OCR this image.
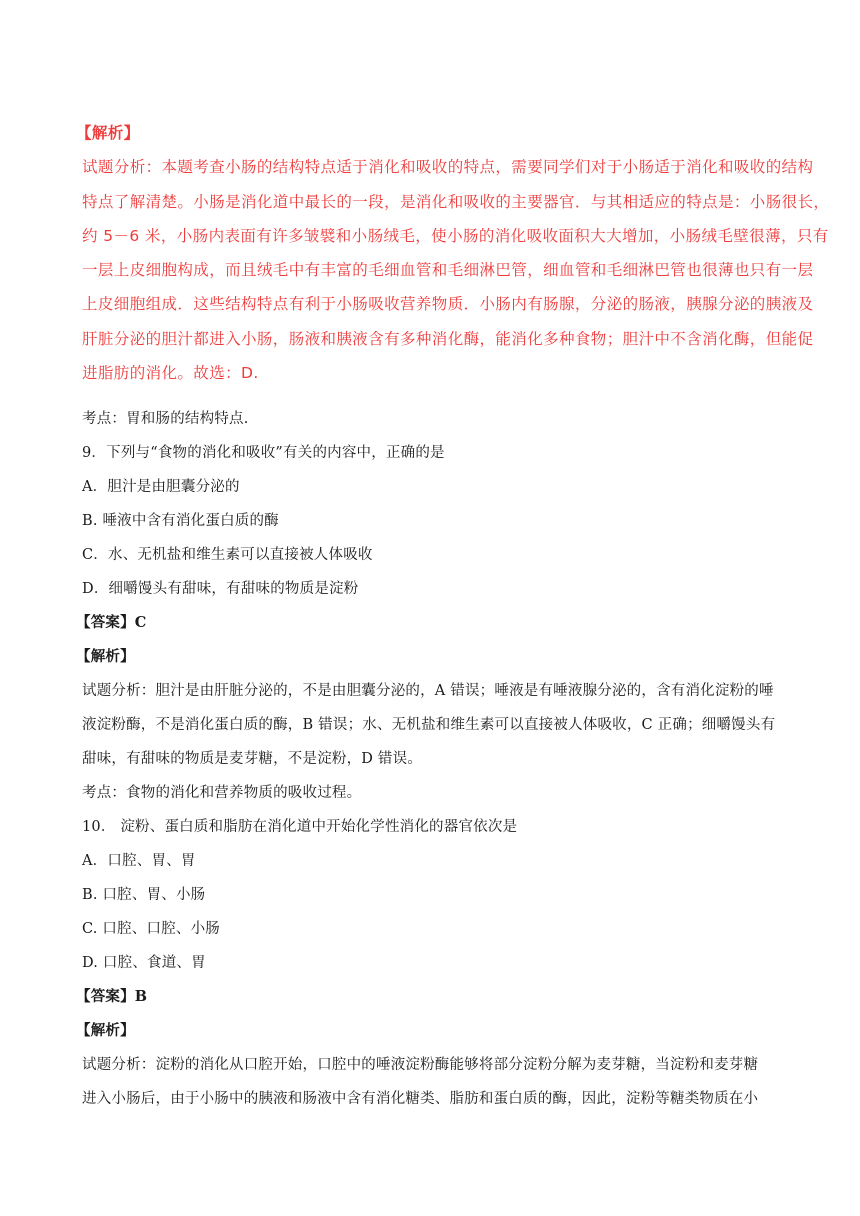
【解析】
试题分析：本题考查小肠的结构特点适于消化和吸收的特点，需要同学们对于小肠适于消化和吸收的结构
特点了解清楚。小肠是消化道中最长的一段，是消化和吸收的主要器官．与其相适应的特点是：小肠很长，
约 5－6 米，小肠内表面有许多皱襞和小肠绒毛，使小肠的消化吸收面积大大增加，小肠绒毛壁很薄，只有
一层上皮细胞构成，而且绒毛中有丰富的毛细血管和毛细淋巴管，细血管和毛细淋巴管也很薄也只有一层
上皮细胞组成．这些结构特点有利于小肠吸收营养物质．小肠内有肠腺，分泌的肠液，胰腺分泌的胰液及
肝脏分泌的胆汁都进入小肠，肠液和胰液含有多种消化酶，能消化多种食物；胆汁中不含消化酶，但能促
进脂肪的消化。故选：D.
考点：胃和肠的结构特点.
9．下列与“食物的消化和吸收”有关的内容中，正确的是
A．胆汁是由胆囊分泌的
B. 唾液中含有消化蛋白质的酶
C．水、无机盐和维生素可以直接被人体吸收
D．细嚼馒头有甜味，有甜味的物质是淀粉
【答案】C
【解析】
试题分析：胆汁是由肝脏分泌的，不是由胆囊分泌的，A 错误；唾液是有唾液腺分泌的，含有消化淀粉的唾
液淀粉酶，不是消化蛋白质的酶，B 错误；水、无机盐和维生素可以直接被人体吸收，C 正确；细嚼馒头有
甜味，有甜味的物质是麦芽糖，不是淀粉，D 错误。
考点：食物的消化和营养物质的吸收过程。
10． 淀粉、蛋白质和脂肪在消化道中开始化学性消化的器官依次是
A．口腔、胃、胃
B. 口腔、胃、小肠
C. 口腔、口腔、小肠
D. 口腔、食道、胃
【答案】B
【解析】
试题分析：淀粉的消化从口腔开始，口腔中的唾液淀粉酶能够将部分淀粉分解为麦芽糖，当淀粉和麦芽糖
进入小肠后，由于小肠中的胰液和肠液中含有消化糖类、脂肪和蛋白质的酶，因此，淀粉等糖类物质在小
